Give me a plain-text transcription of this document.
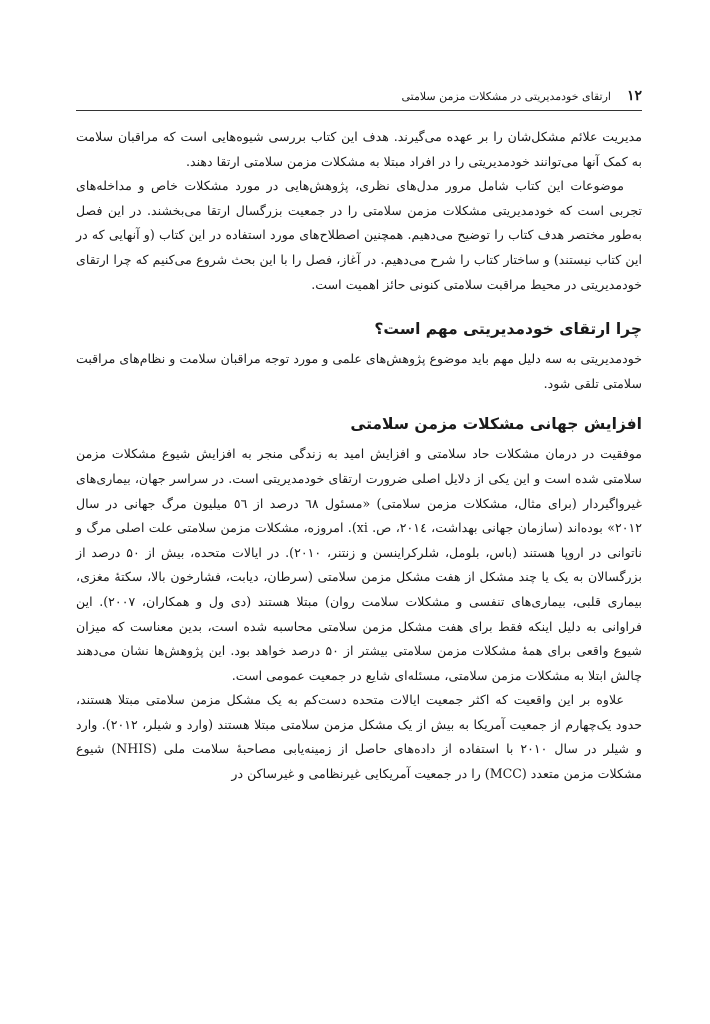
۱۲
ارتقای خودمدیریتی در مشکلات مزمن سلامتی

مدیریت علائم مشکل‌شان را بر عهده می‌گیرند. هدف این کتاب بررسی شیوه‌هایی است که مراقبان سلامت به کمک آنها می‌توانند خودمدیریتی را در افراد مبتلا به مشکلات مزمن سلامتی ارتقا دهند.

موضوعات این کتاب شامل مرور مدل‌های نظری، پژوهش‌هایی در مورد مشکلات خاص و مداخله‌های تجربی است که خودمدیریتی مشکلات مزمن سلامتی را در جمعیت بزرگسال ارتقا می‌بخشند. در این فصل به‌طور مختصر هدف کتاب را توضیح می‌دهیم. همچنین اصطلاح‌های مورد استفاده در این کتاب (و آنهایی که در این کتاب نیستند) و ساختار کتاب را شرح می‌دهیم. در آغاز، فصل را با این بحث شروع می‌کنیم که چرا ارتقای خودمدیریتی در محیط مراقبت سلامتی کنونی حائز اهمیت است.

چرا ارتقای خودمدیریتی مهم است؟

خودمدیریتی به سه دلیل مهم باید موضوع پژوهش‌های علمی و مورد توجه مراقبان سلامت و نظام‌های مراقبت سلامتی تلقی شود.

افزایش جهانی مشکلات مزمن سلامتی

موفقیت در درمان مشکلات حاد سلامتی و افزایش امید به زندگی منجر به افزایش شیوع مشکلات مزمن سلامتی شده است و این یکی از دلایل اصلی ضرورت ارتقای خودمدیریتی است. در سراسر جهان، بیماری‌های غیرواگیردار (برای مثال، مشکلات مزمن سلامتی) «مسئول ٦٨ درصد از ٥٦ میلیون مرگ جهانی در سال ۲۰۱۲» بوده‌اند (سازمان جهانی بهداشت، ۲۰۱٤، ص. xi). امروزه، مشکلات مزمن سلامتی علت اصلی مرگ و ناتوانی در اروپا هستند (باس، بلومل، شلرکراینسن و زنتنر، ۲۰۱۰). در ایالات متحده، بیش از ۵۰ درصد از بزرگسالان به یک یا چند مشکل از هفت مشکل مزمن سلامتی (سرطان، دیابت، فشارخون بالا، سکتهٔ مغزی، بیماری قلبی، بیماری‌های تنفسی و مشکلات سلامت روان) مبتلا هستند (دی ول و همکاران، ۲۰۰۷). این فراوانی به دلیل اینکه فقط برای هفت مشکل مزمن سلامتی محاسبه شده است، بدین معناست که میزان شیوع واقعی برای همهٔ مشکلات مزمن سلامتی بیشتر از ۵۰ درصد خواهد بود. این پژوهش‌ها نشان می‌دهند چالش ابتلا به مشکلات مزمن سلامتی، مسئله‌ای شایع در جمعیت عمومی است.

علاوه بر این واقعیت که اکثر جمعیت ایالات متحده دست‌کم به یک مشکل مزمن سلامتی مبتلا هستند، حدود یک‌چهارم از جمعیت آمریکا به بیش از یک مشکل مزمن سلامتی مبتلا هستند (وارد و شیلر، ۲۰۱۲). وارد و شیلر در سال ۲۰۱۰ با استفاده از داده‌های حاصل از زمینه‌یابی مصاحبهٔ سلامت ملی (NHIS) شیوع مشکلات مزمن متعدد (MCC) را در جمعیت آمریکایی غیرنظامی و غیرساکن در
